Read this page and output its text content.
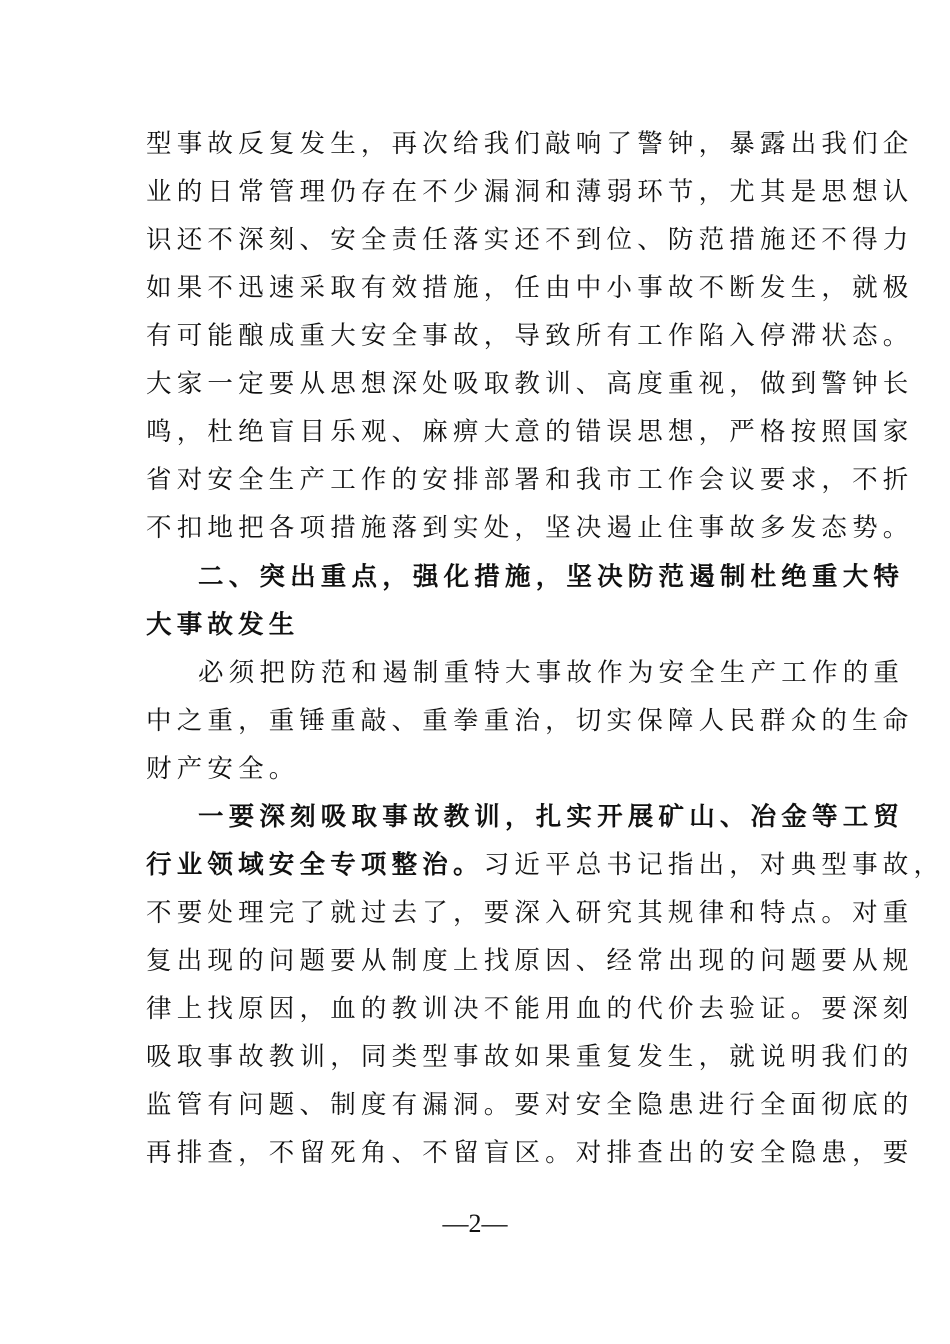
型事故反复发生，再次给我们敲响了警钟，暴露出我们企
业的日常管理仍存在不少漏洞和薄弱环节，尤其是思想认
识还不深刻、安全责任落实还不到位、防范措施还不得力
如果不迅速采取有效措施，任由中小事故不断发生，就极
有可能酿成重大安全事故，导致所有工作陷入停滞状态。
大家一定要从思想深处吸取教训、高度重视，做到警钟长
鸣，杜绝盲目乐观、麻痹大意的错误思想，严格按照国家
省对安全生产工作的安排部署和我市工作会议要求，不折
不扣地把各项措施落到实处，坚决遏止住事故多发态势。
二、突出重点，强化措施，坚决防范遏制杜绝重大特
大事故发生
必须把防范和遏制重特大事故作为安全生产工作的重
中之重，重锤重敲、重拳重治，切实保障人民群众的生命
财产安全。
一要深刻吸取事故教训，扎实开展矿山、冶金等工贸
行业领域安全专项整治。习近平总书记指出，对典型事故，
不要处理完了就过去了，要深入研究其规律和特点。对重
复出现的问题要从制度上找原因、经常出现的问题要从规
律上找原因，血的教训决不能用血的代价去验证。要深刻
吸取事故教训，同类型事故如果重复发生，就说明我们的
监管有问题、制度有漏洞。要对安全隐患进行全面彻底的
再排查，不留死角、不留盲区。对排查出的安全隐患，要
—2—
